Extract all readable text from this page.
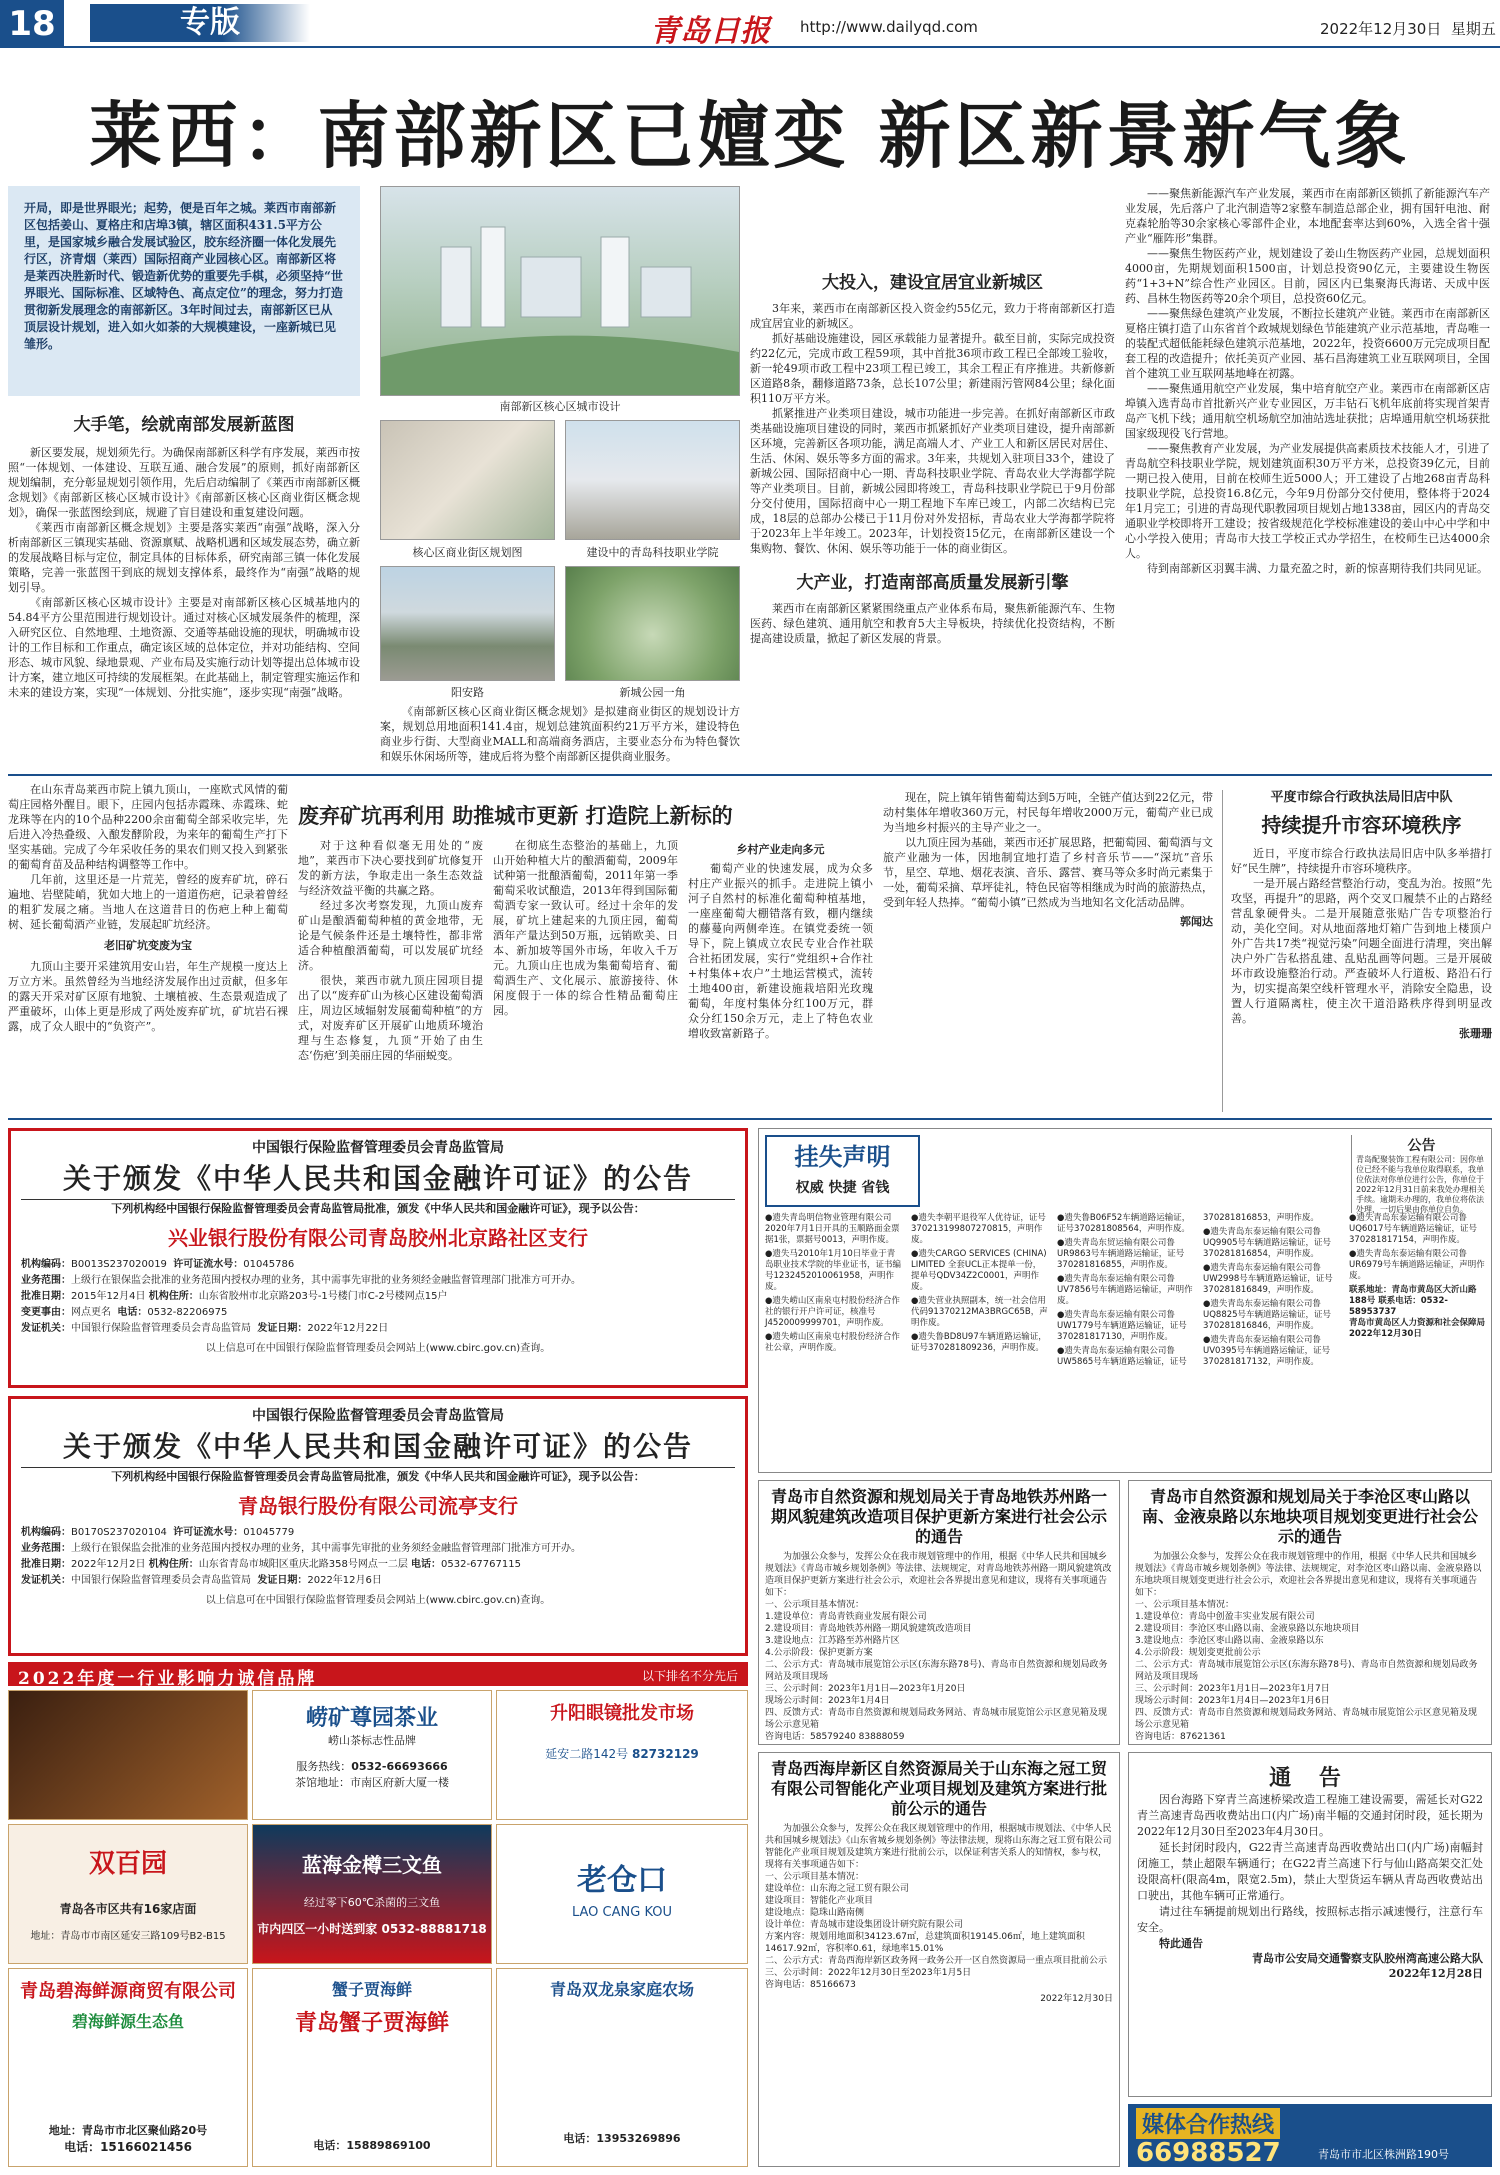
18	专版	青岛日报 http://www.dailyqd.com	2022年12月30日 星期五
莱西：南部新区已嬗变 新区新景新气象
开局，即是世界眼光；起势，便是百年之城。莱西市南部新区包括姜山、夏格庄和店埠3镇，辖区面积431.5平方公里，是国家城乡融合发展试验区，胶东经济圈一体化发展先行区，济青烟（莱西）国际招商产业园核心区。南部新区将是莱西决胜新时代、锻造新优势的重要先手棋，必须坚持“世界眼光、国际标准、区域特色、高点定位”的理念，努力打造贯彻新发展理念的南部新区。3年时间过去，南部新区已从顶层设计规划，进入如火如荼的大规模建设，一座新城已见雏形。
大手笔，绘就南部发展新蓝图

新区要发展，规划须先行。为确保南部新区科学有序发展，莱西市按照“一体规划、一体建设、互联互通、融合发展”的原则，抓好南部新区规划编制，充分彰显规划引领作用，先后启动编制了《莱西市南部新区概念规划》《南部新区核心区城市设计》《南部新区核心区商业街区概念规划》，确保一张蓝图绘到底，规避了盲目建设和重复建设问题。

《莱西市南部新区概念规划》主要是落实莱西“南强”战略，深入分析南部新区三镇现实基础、资源禀赋、战略机遇和区域发展态势，确立新的发展战略目标与定位，制定具体的目标体系，研究南部三镇一体化发展策略，完善一张蓝图干到底的规划支撑体系，最终作为“南强”战略的规划引导。

《南部新区核心区城市设计》主要是对南部新区核心区城基地内的54.84平方公里范围进行规划设计。通过对核心区城发展条件的梳理，深入研究区位、自然地理、土地资源、交通等基础设施的现状，明确城市设计的工作目标和工作重点，确定该区域的总体定位，并对功能结构、空间形态、城市风貌、绿地景观、产业布局及实施行动计划等提出总体城市设计方案，建立地区可持续的发展框架。在此基础上，制定管理实施运作和未来的建设方案，实现“一体规划、分批实施”，逐步实现“南强”战略。

《南部新区核心区商业街区概念规划》是拟建商业街区的规划设计方案，规划总用地面积141.4亩，规划总建筑面积约21万平方米，建设特色商业步行街、大型商业MALL和高端商务酒店，主要业态分布为特色餐饮和娱乐休闲场所等，建成后将为整个南部新区提供商业服务。

南部新区核心区城市设计
核心区商业街区规划图	建设中的青岛科技职业学院
阳安路	新城公园一角
大投入，建设宜居宜业新城区

3年来，莱西市在南部新区投入资金约55亿元，致力于将南部新区打造成宜居宜业的新城区。

抓好基础设施建设，园区承载能力显著提升。截至目前，实际完成投资约22亿元，完成市政工程59项，其中首批36项市政工程已全部竣工验收，新一轮49项市政工程中23项工程已竣工，其余工程正有序推进。共新修新区道路8条，翻修道路73条，总长107公里；新建雨污管网84公里；绿化面积110万平方米。

抓紧推进产业类项目建设，城市功能进一步完善。在抓好南部新区市政类基础设施项目建设的同时，莱西市抓紧抓好产业类项目建设，提升南部新区环境，完善新区各项功能，满足高端人才、产业工人和新区居民对居住、生活、休闲、娱乐等多方面的需求。3年来，共规划入驻项目33个，建设了新城公园、国际招商中心一期、青岛科技职业学院、青岛农业大学海都学院等产业类项目。目前，新城公园即将竣工，青岛科技职业学院已于9月份部分交付使用，国际招商中心一期工程地下车库已竣工，内部二次结构已完成，18层的总部办公楼已于11月份对外发招标，青岛农业大学海都学院将于2023年上半年竣工。2023年，计划投资15亿元，在南部新区建设一个集购物、餐饮、休闲、娱乐等功能于一体的商业街区。

大产业，打造南部高质量发展新引擎

莱西市在南部新区紧紧围绕重点产业体系布局，聚焦新能源汽车、生物医药、绿色建筑、通用航空和教育5大主导板块，持续优化投资结构，不断提高建设质量，掀起了新区发展的背景。

——聚焦新能源汽车产业发展，莱西市在南部新区锁抓了新能源汽车产业发展，先后落户了北汽制造等2家整车制造总部企业，拥有国轩电池、耐克森轮胎等30余家核心零部件企业，本地配套率达到60%，入选全省十强产业“雁阵形”集群。

——聚焦生物医药产业，规划建设了姜山生物医药产业园，总规划面积4000亩，先期规划面积1500亩，计划总投资90亿元，主要建设生物医药“1+3+N”综合性产业园区。目前，园区内已集聚海氏海诺、天成中医药、昌林生物医药等20余个项目，总投资60亿元。

——聚焦绿色建筑产业发展，不断拉长建筑产业链。莱西市在南部新区夏格庄镇打造了山东省首个政城规划绿色节能建筑产业示范基地，青岛唯一的装配式超低能耗绿色建筑示范基地，2022年，投资6600万元完成项目配套工程的改造提升；依托美页产业园、基石昌海建筑工业互联网项目，全国首个建筑工业互联网基地峰在初露。

——聚焦通用航空产业发展，集中培育航空产业。莱西市在南部新区店埠镇入选青岛市首批新兴产业专业园区，万丰钻石飞机年底前将实现首架青岛产飞机下线；通用航空机场航空加油站选址获批；店埠通用航空机场获批国家级现役飞行营地。

——聚焦教育产业发展，为产业发展提供高素质技术技能人才，引进了青岛航空科技职业学院，规划建筑面积30万平方米，总投资39亿元，目前一期已投入使用，目前在校师生近5000人；开工建设了占地268亩青岛科技职业学院，总投资16.8亿元，今年9月份部分交付使用，整体将于2024年1月完工；引进的青岛现代职教园项目规划占地1338亩，园区内的青岛交通职业学校即将开工建设；按省级规范化学校标准建设的姜山中心中学和中心小学投入使用；青岛市大技工学校正式办学招生，在校师生已达4000余人。

待到南部新区羽翼丰满、力量充盈之时，新的惊喜期待我们共同见证。

在山东青岛莱西市院上镇九顶山，一座欧式风情的葡萄庄园格外醒目。眼下，庄园内包括赤霞珠、赤霞珠、蛇龙珠等在内的10个品种2200余亩葡萄全部采收完毕，先后进入冷热叠级、入酿发酵阶段，为来年的葡萄生产打下坚实基础。完成了今年采收任务的果农们则又投入到紧张的葡萄育苗及品种结构调整等工作中。

几年前，这里还是一片荒芜，曾经的废弃矿坑，碎石遍地、岩壁陡峭，犹如大地上的一道道伤疤，记录着曾经的粗犷发展之痛。当地人在这道昔日的伤疤上种上葡萄树、延长葡萄酒产业链，发展起旷坑经济。

老旧矿坑变废为宝

九顶山主要开采建筑用安山岩，年生产规模一度达上万立方米。虽然曾经为当地经济发展作出过贡献，但多年的露天开采对矿区原有地貌、土壤植被、生态景观造成了严重破坏，山体上更是形成了两处废弃矿坑，矿坑岩石裸露，成了众人眼中的“负资产”。

废弃矿坑再利用 助推城市更新 打造院上新标的

对于这种看似毫无用处的“废地”，莱西市下决心要找到矿坑修复开发的新方法，争取走出一条生态效益与经济效益平衡的共赢之路。

经过多次考察发现，九顶山废弃矿山是酿酒葡萄种植的黄金地带，无论是气候条件还是土壤特性，都非常适合种植酿酒葡萄，可以发展矿坑经济。

很快，莱西市就九顶庄园项目提出了以“废弃矿山为核心区建设葡萄酒庄，周边区域辐射发展葡萄种植”的方式，对废弃矿区开展矿山地质环境治理与生态修复，九顶“开始了由生态‘伤疤’到美丽庄园的华丽蜕变。

在彻底生态整治的基础上，九顶山开始种植大片的酿酒葡萄，2009年试种第一批酿酒葡萄，2011年第一季葡萄采收试酿造，2013年得到国际葡萄酒专家一致认可。经过十余年的发展，矿坑上建起来的九顶庄园，葡萄酒年产量达到50万瓶，远销欧美、日本、新加坡等国外市场，年收入千万元。九顶山庄也成为集葡萄培育、葡萄酒生产、文化展示、旅游接待、休闲度假于一体的综合性精品葡萄庄园。

乡村产业走向多元

葡萄产业的快速发展，成为众多村庄产业振兴的抓手。走进院上镇小河子自然村的标准化葡萄种植基地，一座座葡萄大棚错落有致，棚内继续的藤蔓向两侧牵连。在镇党委统一领导下，院上镇成立农民专业合作社联合社拓团发展，实行“党组织+合作社+村集体+农户”土地运营模式，流转土地400亩，新建设施栽培阳光玫瑰葡萄，年度村集体分红100万元，群众分红150余万元，走上了特色农业增收致富新路子。

现在，院上镇年销售葡萄达到5万吨，全链产值达到22亿元，带动村集体年增收360万元，村民每年增收2000万元，葡萄产业已成为当地乡村振兴的主导产业之一。

以九顶庄园为基础，莱西市还扩展思路，把葡萄园、葡萄酒与文旅产业融为一体，因地制宜地打造了乡村音乐节——“深坑”音乐节，星空、草地、烟花表演、音乐、露营、赛马等众多时尚元素集于一处，葡萄采摘、草坪徒礼，特色民宿等相继成为时尚的旅游热点，受到年轻人热捧。“葡萄小镇”已然成为当地知名文化活动品牌。

郭闻达
平度市综合行政执法局旧店中队
持续提升市容环境秩序

近日，平度市综合行政执法局旧店中队多举措打好“民生牌”，持续提升市容环境秩序。

一是开展占路经营整治行动，变乱为治。按照“先攻坚，再提升”的思路，两个交叉口履禁不止的占路经营乱象硬骨头。二是开展随意张贴广告专项整治行动，美化空间。对从地面落地灯箱广告到地上楼顶户外广告共17类“视觉污染”问题全面进行清理，突出解决户外广告私搭乱建、乱贴乱画等问题。三是开展破坏市政设施整治行动。严查破坏人行道板、路沿石行为，切实提高架空线杆管理水平，消除安全隐患，设置人行道隔离柱，使主次干道沿路秩序得到明显改善。

张珊珊
中国银行保险监督管理委员会青岛监管局
关于颁发《中华人民共和国金融许可证》的公告
下列机构经中国银行保险监督管理委员会青岛监管局批准，颁发《中华人民共和国金融许可证》，现予以公告：
兴业银行股份有限公司青岛胶州北京路社区支行
机构编码：B0013S237020019 许可证流水号：01045786
业务范围：上级行在银保监会批准的业务范围内授权办理的业务，其中需事先审批的业务须经金融监督管理部门批准方可开办。
批准日期：2015年12月4日 机构住所：山东省胶州市北京路203号-1号楼门市C-2号楼网点15户
变更事由：网点更名 电话：0532-82206975
发证机关：中国银行保险监督管理委员会青岛监管局 发证日期：2022年12月22日
以上信息可在中国银行保险监督管理委员会网站上(www.cbirc.gov.cn)查询。
中国银行保险监督管理委员会青岛监管局
关于颁发《中华人民共和国金融许可证》的公告
下列机构经中国银行保险监督管理委员会青岛监管局批准，颁发《中华人民共和国金融许可证》，现予以公告：
青岛银行股份有限公司流亭支行
机构编码：B0170S237020104 许可证流水号：01045779
业务范围：上级行在银保监会批准的业务范围内授权办理的业务，其中需事先审批的业务须经金融监督管理部门批准方可开办。
批准日期：2022年12月2日 机构住所：山东省青岛市城阳区重庆北路358号网点一二层 电话：0532-67767115
发证机关：中国银行保险监督管理委员会青岛监管局 发证日期：2022年12月6日
以上信息可在中国银行保险监督管理委员会网站上(www.cbirc.gov.cn)查询。
挂失声明
权威 快捷 省钱
●遗失青岛明信物业管理有限公司2020年7月1日开具的玉顺路面金票据1张，票据号0013，声明作废。
●遗失马2010年1月10日毕业于青岛职业技术学院的毕业证书，证书编号1232452010061958，声明作废。
●遗失崂山区南泉屯村股份经济合作社的银行开户许可证，核准号J4520009999701，声明作废。
●遗失崂山区南泉屯村股份经济合作社公章，声明作废。
●遗失李朝平退役军人优待证，证号370213199807270815，声明作废。
●遗失CARGO SERVICES (CHINA) LIMITED 全套UCL正本提单一份，提单号QDV34Z2C0001，声明作废。
●遗失营业执照副本，统一社会信用代码91370212MA3BRGC65B，声明作废。
●遗失鲁BD8U97车辆道路运输证，证号370281809236，声明作废。
●遗失鲁B06F52车辆道路运输证，证号370281808564，声明作废。
●遗失青岛东贸运输有限公司鲁UR9863号车辆道路运输证，证号370281816855，声明作废。
●遗失青岛东泰运输有限公司鲁UV7856号车辆道路运输证，声明作废。
●遗失青岛东泰运输有限公司鲁UW1779号车辆道路运输证，证号370281817130，声明作废。
●遗失青岛东泰运输有限公司鲁UW5865号车辆道路运输证，证号370281816853，声明作废。
●遗失青岛东泰运输有限公司鲁UQ9905号车辆道路运输证，证号370281816854，声明作废。
●遗失青岛东泰运输有限公司鲁UW2998号车辆道路运输证，证号370281816849，声明作废。
●遗失青岛东泰运输有限公司鲁UQ8825号车辆道路运输证，证号370281816846，声明作废。
●遗失青岛东泰运输有限公司鲁UV0395号车辆道路运输证，证号370281817132，声明作废。
●遗失青岛东泰运输有限公司鲁UQ6017号车辆道路运输证，证号370281817154，声明作废。
●遗失青岛东泰运输有限公司鲁UR6979号车辆道路运输证，声明作废。
联系地址：青岛市黄岛区大沂山路188号 联系电话：0532-58953737
青岛市黄岛区人力资源和社会保障局
2022年12月30日
公告
青岛配聚装饰工程有限公司：因你单位已经不能与我单位取得联系，我单位依法对你单位进行公告，你单位于2022年12月31日前来我处办理相关手续。逾期未办理的，我单位将依法处理，一切后果由你单位自负。
青岛市自然资源和规划局关于青岛地铁苏州路一期风貌建筑改造项目保护更新方案进行社会公示的通告
为加强公众参与，发挥公众在我市规划管理中的作用，根据《中华人民共和国城乡规划法》《青岛市城乡规划条例》等法律、法规规定，对青岛地铁苏州路一期风貌建筑改造项目保护更新方案进行社会公示，欢迎社会各界提出意见和建议，现将有关事项通告如下：
一、公示项目基本情况：
1.建设单位：青岛青铁商业发展有限公司
2.建设项目：青岛地铁苏州路一期风貌建筑改造项目
3.建设地点：江苏路至苏州路片区
4.公示阶段：保护更新方案
二、公示方式：青岛城市展览馆公示区(东海东路78号)、青岛市自然资源和规划局政务网站及项目现场
三、公示时间：2023年1月1日—2023年1月20日
现场公示时间：2023年1月4日
四、反馈方式：青岛市自然资源和规划局政务网站、青岛城市展览馆公示区意见箱及现场公示意见箱
咨询电话：58579240 83888059
青岛市自然资源和规划局关于李沧区枣山路以南、金液泉路以东地块项目规划变更进行社会公示的通告
为加强公众参与，发挥公众在我市规划管理中的作用，根据《中华人民共和国城乡规划法》《青岛市城乡规划条例》等法律、法规规定，对李沧区枣山路以南、金液泉路以东地块项目规划变更进行社会公示，欢迎社会各界提出意见和建议，现将有关事项通告如下：
一、公示项目基本情况：
1.建设单位：青岛中创盈丰实业发展有限公司
2.建设项目：李沧区枣山路以南、金液泉路以东地块项目
3.建设地点：李沧区枣山路以南、金液泉路以东
4.公示阶段：规划变更批前公示
二、公示方式：青岛城市展览馆公示区(东海东路78号)、青岛市自然资源和规划局政务网站及项目现场
三、公示时间：2023年1月1日—2023年1月7日
现场公示时间：2023年1月4日—2023年1月6日
四、反馈方式：青岛市自然资源和规划局政务网站、青岛城市展览馆公示区意见箱及现场公示意见箱
咨询电话：87621361
青岛西海岸新区自然资源局关于山东海之冠工贸有限公司智能化产业项目规划及建筑方案进行批前公示的通告
为加强公众参与，发挥公众在我区规划管理中的作用，根据城市规划法、《中华人民共和国城乡规划法》《山东省城乡规划条例》等法律法规，现将山东海之冠工贸有限公司智能化产业项目规划及建筑方案进行批前公示，以保证利害关系人的知情权，参与权，现将有关事项通告如下：
一、公示项目基本情况：
建设单位：山东海之冠工贸有限公司
建设项目：智能化产业项目
建设地点：隐珠山路南侧
设计单位：青岛城市建设集团设计研究院有限公司
方案内容：规划用地面积34123.67㎡，总建筑面积19145.06㎡，地上建筑面积14617.92㎡，容积率0.61，绿地率15.01%
二、公示方式：青岛西海岸新区政务网一政务公开一区自然资源局一重点项目批前公示
三、公示时间：2022年12月30日至2023年1月5日
咨询电话：85166673
2022年12月30日
通 告

因台海路下穿青兰高速桥梁改造工程施工建设需要，需延长对G22青兰高速青岛西收费站出口(内广场)南半幅的交通封闭时段，延长期为2022年12月30日至2023年4月30日。

延长封闭时段内，G22青兰高速青岛西收费站出口(内广场)南幅封闭施工，禁止超限车辆通行；在G22青兰高速下行与仙山路高架交汇处设限高杆(限高4m，限宽2.5m)，禁止大型货运车辆从青岛西收费站出口驶出，其他车辆可正常通行。

请过往车辆提前规划出行路线，按照标志指示减速慢行，注意行车安全。

特此通告
青岛市公安局交通警察支队胶州湾高速公路大队
2022年12月28日
媒体合作热线
66988527	青岛市市北区株洲路190号
2022年度一行业影响力诚信品牌	以下排名不分先后
崂矿尊园茶业
崂山茶标志性品牌
服务热线：0532-66693666
茶馆地址：市南区府新大厦一楼
升阳眼镜批发市场
延安二路142号 82732129
双百园
青岛各市区共有16家店面
地址：青岛市市南区延安三路109号B2-B15
蓝海金樽三文鱼
经过零下60℃杀菌的三文鱼
市内四区一小时送到家 0532-88881718
老仓口
LAO CANG KOU
青岛碧海鲜源商贸有限公司
碧海鲜源生态鱼
地址：青岛市市北区聚仙路20号
电话：15166021456
蟹子贾海鲜
青岛蟹子贾海鲜
电话：15889869100
青岛双龙泉家庭农场
电话：13953269896
